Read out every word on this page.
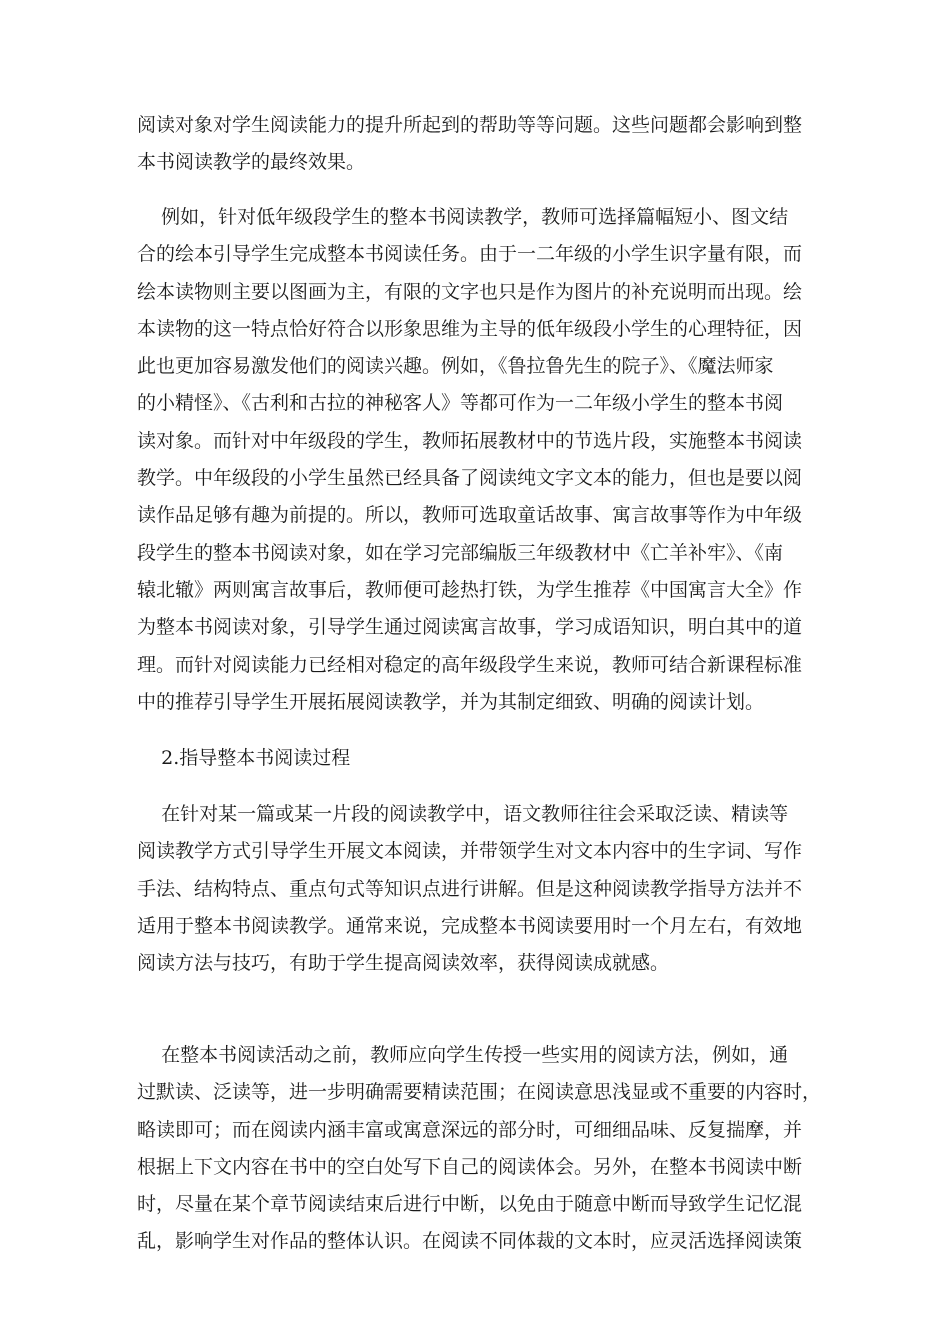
阅读对象对学生阅读能力的提升所起到的帮助等等问题。这些问题都会影响到整
本书阅读教学的最终效果。
例如，针对低年级段学生的整本书阅读教学，教师可选择篇幅短小、图文结
合的绘本引导学生完成整本书阅读任务。由于一二年级的小学生识字量有限，而
绘本读物则主要以图画为主，有限的文字也只是作为图片的补充说明而出现。绘
本读物的这一特点恰好符合以形象思维为主导的低年级段小学生的心理特征，因
此也更加容易激发他们的阅读兴趣。例如，《鲁拉鲁先生的院子》、《魔法师家
的小精怪》、《古利和古拉的神秘客人》等都可作为一二年级小学生的整本书阅
读对象。而针对中年级段的学生，教师拓展教材中的节选片段，实施整本书阅读
教学。中年级段的小学生虽然已经具备了阅读纯文字文本的能力，但也是要以阅
读作品足够有趣为前提的。所以，教师可选取童话故事、寓言故事等作为中年级
段学生的整本书阅读对象，如在学习完部编版三年级教材中《亡羊补牢》、《南
辕北辙》两则寓言故事后，教师便可趁热打铁，为学生推荐《中国寓言大全》作
为整本书阅读对象，引导学生通过阅读寓言故事，学习成语知识，明白其中的道
理。而针对阅读能力已经相对稳定的高年级段学生来说，教师可结合新课程标准
中的推荐引导学生开展拓展阅读教学，并为其制定细致、明确的阅读计划。
2.指导整本书阅读过程
在针对某一篇或某一片段的阅读教学中，语文教师往往会采取泛读、精读等
阅读教学方式引导学生开展文本阅读，并带领学生对文本内容中的生字词、写作
手法、结构特点、重点句式等知识点进行讲解。但是这种阅读教学指导方法并不
适用于整本书阅读教学。通常来说，完成整本书阅读要用时一个月左右，有效地
阅读方法与技巧，有助于学生提高阅读效率，获得阅读成就感。
在整本书阅读活动之前，教师应向学生传授一些实用的阅读方法，例如，通
过默读、泛读等，进一步明确需要精读范围；在阅读意思浅显或不重要的内容时，
略读即可；而在阅读内涵丰富或寓意深远的部分时，可细细品味、反复揣摩，并
根据上下文内容在书中的空白处写下自己的阅读体会。另外，在整本书阅读中断
时，尽量在某个章节阅读结束后进行中断，以免由于随意中断而导致学生记忆混
乱，影响学生对作品的整体认识。在阅读不同体裁的文本时，应灵活选择阅读策
